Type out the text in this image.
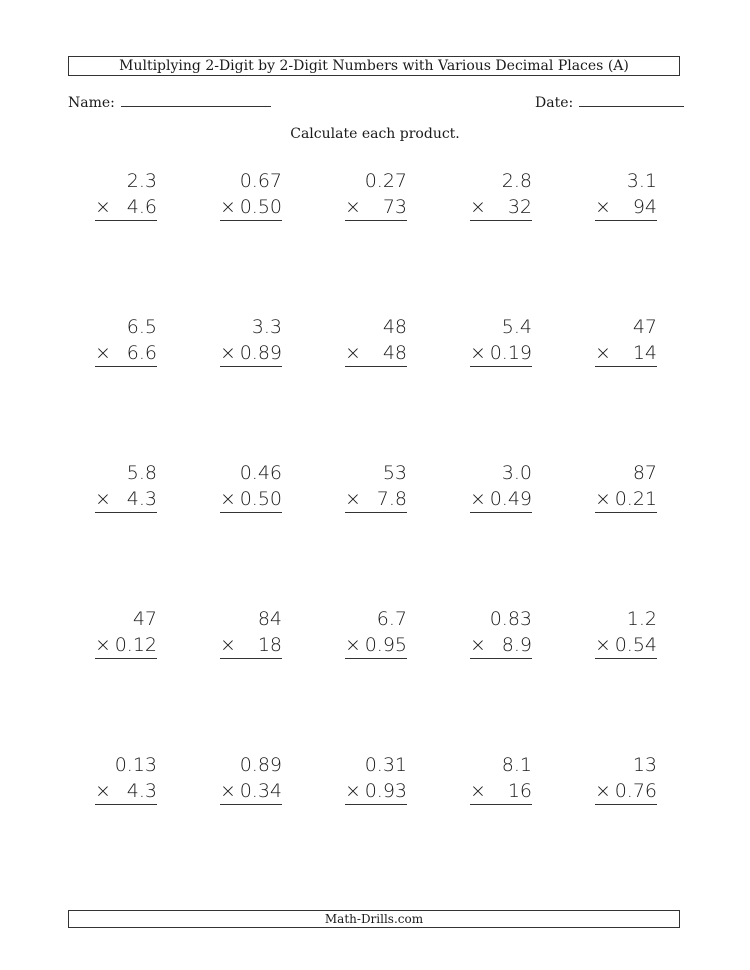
Multiplying 2-Digit by 2-Digit Numbers with Various Decimal Places (A)
Name:	Date:
Calculate each product.
2.3
× 4.6
0.67
× 0.50
0.27
× 73
2.8
× 32
3.1
× 94
6.5
× 6.6
3.3
× 0.89
48
× 48
5.4
× 0.19
47
× 14
5.8
× 4.3
0.46
× 0.50
53
× 7.8
3.0
× 0.49
87
× 0.21
47
× 0.12
84
× 18
6.7
× 0.95
0.83
× 8.9
1.2
× 0.54
0.13
× 4.3
0.89
× 0.34
0.31
× 0.93
8.1
× 16
13
× 0.76
Math-Drills.com
